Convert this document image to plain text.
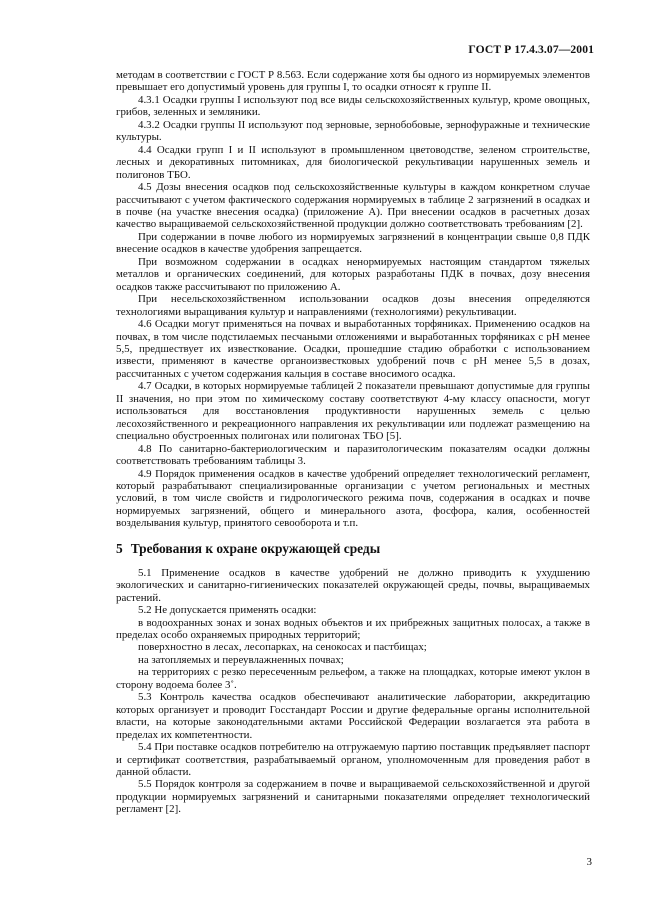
ГОСТ Р 17.4.3.07—2001

методам в соответствии с ГОСТ Р 8.563. Если содержание хотя бы одного из нормируемых элементов превышает его допустимый уровень для группы I, то осадки относят к группе II.

4.3.1 Осадки группы I используют под все виды сельскохозяйственных культур, кроме овощных, грибов, зеленных и земляники.

4.3.2 Осадки группы II используют под зерновые, зернобобовые, зернофуражные и технические культуры.

4.4 Осадки групп I и II используют в промышленном цветоводстве, зеленом строительстве, лесных и декоративных питомниках, для биологической рекультивации нарушенных земель и полигонов ТБО.

4.5 Дозы внесения осадков под сельскохозяйственные культуры в каждом конкретном случае рассчитывают с учетом фактического содержания нормируемых в таблице 2 загрязнений в осадках и в почве (на участке внесения осадка) (приложение А). При внесении осадков в расчетных дозах качество выращиваемой сельскохозяйственной продукции должно соответствовать требованиям [2].

При содержании в почве любого из нормируемых загрязнений в концентрации свыше 0,8 ПДК внесение осадков в качестве удобрения запрещается.

При возможном содержании в осадках ненормируемых настоящим стандартом тяжелых металлов и органических соединений, для которых разработаны ПДК в почвах, дозу внесения осадков также рассчитывают по приложению А.

При несельскохозяйственном использовании осадков дозы внесения определяются технологиями выращивания культур и направлениями (технологиями) рекультивации.

4.6 Осадки могут применяться на почвах и выработанных торфяниках. Применению осадков на почвах, в том числе подстилаемых песчаными отложениями и выработанных торфяниках с pH менее 5,5, предшествует их известкование. Осадки, прошедшие стадию обработки с использованием извести, применяют в качестве органоизвестковых удобрений почв с pH менее 5,5 в дозах, рассчитанных с учетом содержания кальция в составе вносимого осадка.

4.7 Осадки, в которых нормируемые таблицей 2 показатели превышают допустимые для группы II значения, но при этом по химическому составу соответствуют 4-му классу опасности, могут использоваться для восстановления продуктивности нарушенных земель с целью лесохозяйственного и рекреационного направления их рекультивации или подлежат размещению на специально обустроенных полигонах или полигонах ТБО [5].

4.8 По санитарно-бактериологическим и паразитологическим показателям осадки должны соответствовать требованиям таблицы 3.

4.9 Порядок применения осадков в качестве удобрений определяет технологический регламент, который разрабатывают специализированные организации с учетом региональных и местных условий, в том числе свойств и гидрологического режима почв, содержания в осадках и почве нормируемых загрязнений, общего и минерального азота, фосфора, калия, особенностей возделывания культур, принятого севооборота и т.п.

5 Требования к охране окружающей среды

5.1 Применение осадков в качестве удобрений не должно приводить к ухудшению экологических и санитарно-гигиенических показателей окружающей среды, почвы, выращиваемых растений.

5.2 Не допускается применять осадки:

в водоохранных зонах и зонах водных объектов и их прибрежных защитных полосах, а также в пределах особо охраняемых природных территорий;

поверхностно в лесах, лесопарках, на сенокосах и пастбищах;

на затопляемых и переувлажненных почвах;

на территориях с резко пересеченным рельефом, а также на площадках, которые имеют уклон в сторону водоема более 3˚.

5.3 Контроль качества осадков обеспечивают аналитические лаборатории, аккредитацию которых организует и проводит Госстандарт России и другие федеральные органы исполнительной власти, на которые законодательными актами Российской Федерации возлагается эта работа в пределах их компетентности.

5.4 При поставке осадков потребителю на отгружаемую партию поставщик предъявляет паспорт и сертификат соответствия, разрабатываемый органом, уполномоченным для проведения работ в данной области.

5.5 Порядок контроля за содержанием в почве и выращиваемой сельскохозяйственной и другой продукции нормируемых загрязнений и санитарными показателями определяет технологический регламент [2].

3
